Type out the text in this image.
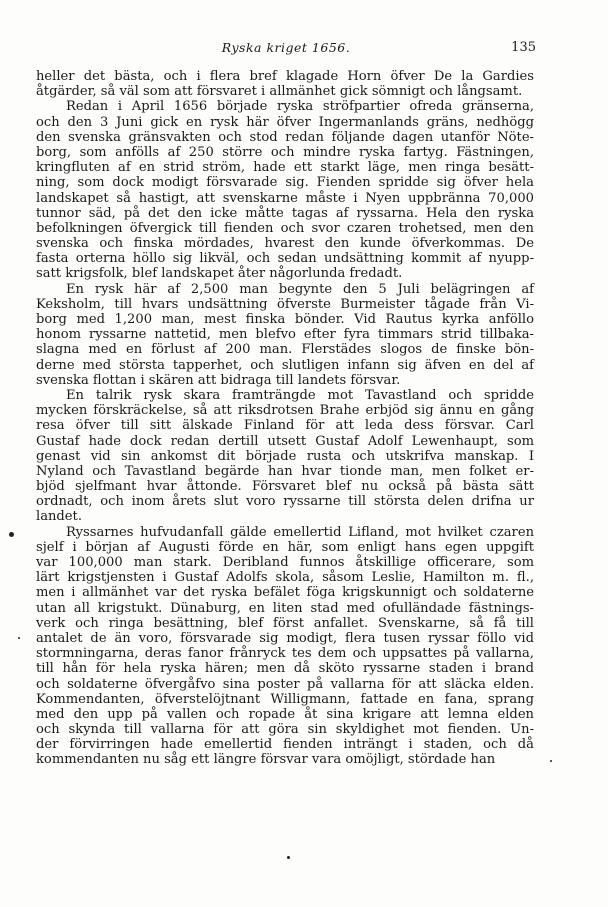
Ryska kriget 1656.	135
heller det bästa, och i flera bref klagade Horn öfver De la Gardies
åtgärder, så väl som att försvaret i allmänhet gick sömnigt och långsamt.
Redan i April 1656 började ryska ströfpartier ofreda gränserna,
och den 3 Juni gick en rysk här öfver Ingermanlands gräns, nedhögg
den svenska gränsvakten och stod redan följande dagen utanför Nöte-
borg, som anfölls af 250 större och mindre ryska fartyg. Fästningen,
kringfluten af en strid ström, hade ett starkt läge, men ringa besätt-
ning, som dock modigt försvarade sig. Fienden spridde sig öfver hela
landskapet så hastigt, att svenskarne måste i Nyen uppbränna 70,000
tunnor säd, på det den icke måtte tagas af ryssarna. Hela den ryska
befolkningen öfvergick till fienden och svor czaren trohetsed, men den
svenska och finska mördades, hvarest den kunde öfverkommas. De
fasta orterna höllo sig likväl, och sedan undsättning kommit af nyupp-
satt krigsfolk, blef landskapet åter någorlunda fredadt.
En rysk här af 2,500 man begynte den 5 Juli belägringen af
Keksholm, till hvars undsättning öfverste Burmeister tågade från Vi-
borg med 1,200 man, mest finska bönder. Vid Rautus kyrka anföllo
honom ryssarne nattetid, men blefvo efter fyra timmars strid tillbaka-
slagna med en förlust af 200 man. Flerstädes slogos de finske bön-
derne med största tapperhet, och slutligen infann sig äfven en del af
svenska flottan i skären att bidraga till landets försvar.
En talrik rysk skara framträngde mot Tavastland och spridde
mycken förskräckelse, så att riksdrotsen Brahe erbjöd sig ännu en gång
resa öfver till sitt älskade Finland för att leda dess försvar. Carl
Gustaf hade dock redan dertill utsett Gustaf Adolf Lewenhaupt, som
genast vid sin ankomst dit började rusta och utskrifva manskap. I
Nyland och Tavastland begärde han hvar tionde man, men folket er-
bjöd sjelfmant hvar åttonde. Försvaret blef nu också på bästa sätt
ordnadt, och inom årets slut voro ryssarne till största delen drifna ur
landet.
Ryssarnes hufvudanfall gälde emellertid Lifland, mot hvilket czaren
sjelf i början af Augusti förde en här, som enligt hans egen uppgift
var 100,000 man stark. Deribland funnos åtskillige officerare, som
lärt krigstjensten i Gustaf Adolfs skola, såsom Leslie, Hamilton m. fl.,
men i allmänhet var det ryska befälet föga krigskunnigt och soldaterne
utan all krigstukt. Dünaburg, en liten stad med ofulländade fästnings-
verk och ringa besättning, blef först anfallet. Svenskarne, så få till
antalet de än voro, försvarade sig modigt, flera tusen ryssar föllo vid
stormningarna, deras fanor frånryck tes dem och uppsattes på vallarna,
till hån för hela ryska hären; men då sköto ryssarne staden i brand
och soldaterne öfvergåfvo sina poster på vallarna för att släcka elden.
Kommendanten, öfverstelöjtnant Willigmann, fattade en fana, sprang
med den upp på vallen och ropade åt sina krigare att lemna elden
och skynda till vallarna för att göra sin skyldighet mot fienden. Un-
der förvirringen hade emellertid fienden inträngt i staden, och då
kommendanten nu såg ett längre försvar vara omöjligt, stördade han
